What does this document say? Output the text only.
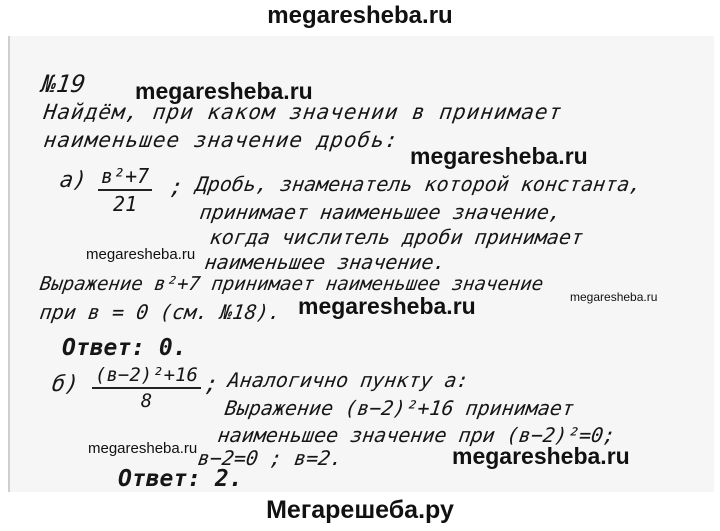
megaresheba.ru
№19
Найдём, при каком значении в принимает
наименьшее значение дробь:
а) в²+7
21
; Дробь, знаменатель которой константа,
принимает наименьшее значение,
когда числитель дроби принимает
наименьшее значение.
Выражение в²+7 принимает наименьшее значение
при в = 0 (см. №18).
Ответ: 0.
б) (в−2)²+16
8
; Аналогично пункту а:
Выражение (в−2)²+16 принимает
наименьшее значение при (в−2)²=0;
в−2=0 ; в=2.
Ответ: 2.
megaresheba.ru
megaresheba.ru
megaresheba.ru
megaresheba.ru	megaresheba.ru
megaresheba.ru	megaresheba.ru
Мегарешеба.ру
